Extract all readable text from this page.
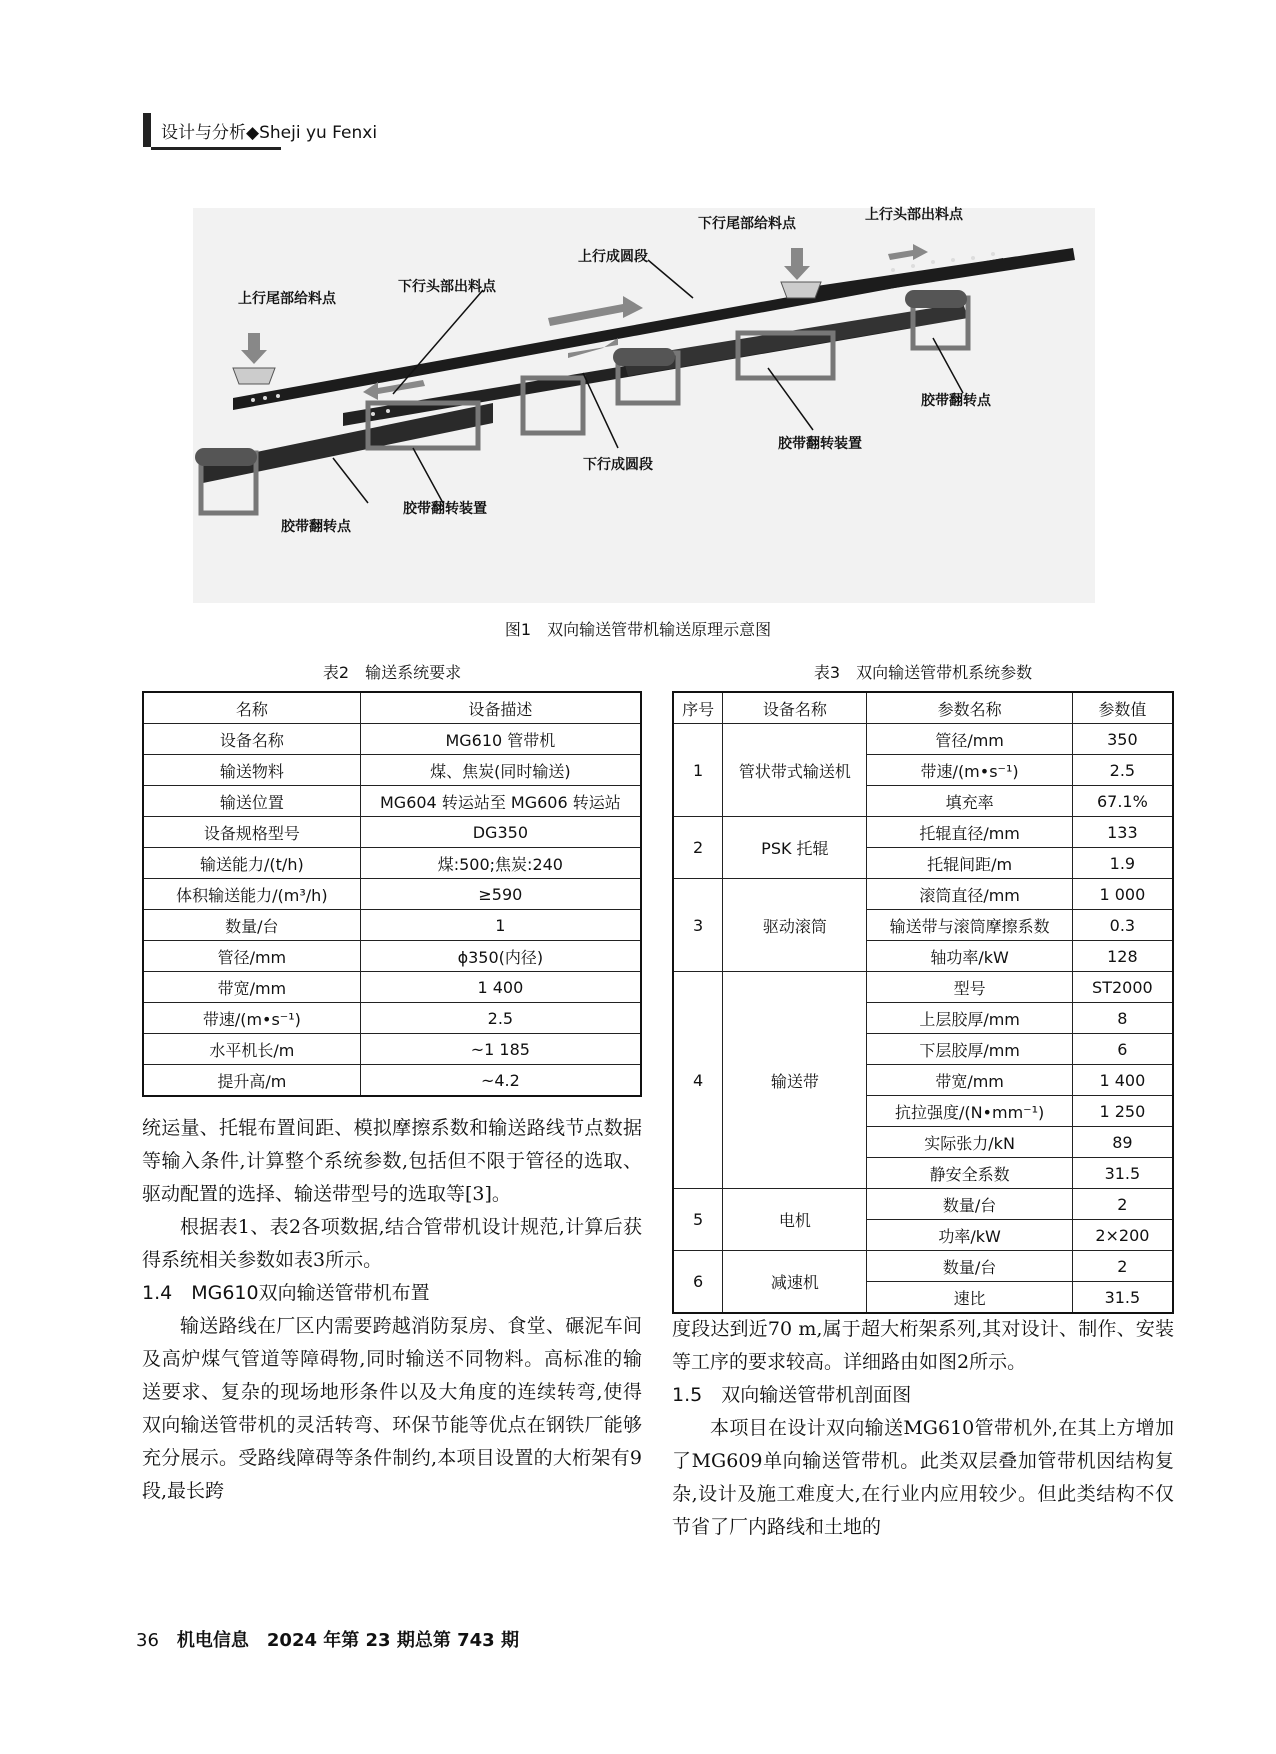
设计与分析◆Sheji yu Fenxi
上行尾部给料点
下行头部出料点
上行成圆段
下行尾部给料点
上行头部出料点
胶带翻转点
胶带翻转装置
下行成圆段
胶带翻转装置
胶带翻转点
图1　双向输送管带机输送原理示意图
表2　输送系统要求
名称	设备描述
设备名称	MG610 管带机
输送物料	煤、焦炭(同时输送)
输送位置	MG604 转运站至 MG606 转运站
设备规格型号	DG350
输送能力/(t/h)	煤:500;焦炭:240
体积输送能力/(m³/h)	≥590
数量/台	1
管径/mm	ϕ350(内径)
带宽/mm	1 400
带速/(m•s⁻¹)	2.5
水平机长/m	~1 185
提升高/m	~4.2
表3　双向输送管带机系统参数
序号	设备名称	参数名称	参数值
1	管状带式输送机	管径/mm	350
		带速/(m•s⁻¹)	2.5
		填充率	67.1%
2	PSK 托辊	托辊直径/mm	133
		托辊间距/m	1.9
3	驱动滚筒	滚筒直径/mm	1 000
		输送带与滚筒摩擦系数	0.3
		轴功率/kW	128
4	输送带	型号	ST2000
		上层胶厚/mm	8
		下层胶厚/mm	6
		带宽/mm	1 400
		抗拉强度/(N•mm⁻¹)	1 250
		实际张力/kN	89
		静安全系数	31.5
5	电机	数量/台	2
		功率/kW	2×200
6	减速机	数量/台	2
		速比	31.5

统运量、托辊布置间距、模拟摩擦系数和输送路线节点数据等输入条件,计算整个系统参数,包括但不限于管径的选取、驱动配置的选择、输送带型号的选取等[3]。

根据表1、表2各项数据,结合管带机设计规范,计算后获得系统相关参数如表3所示。

1.4　MG610双向输送管带机布置

输送路线在厂区内需要跨越消防泵房、食堂、碾泥车间及高炉煤气管道等障碍物,同时输送不同物料。高标准的输送要求、复杂的现场地形条件以及大角度的连续转弯,使得双向输送管带机的灵活转弯、环保节能等优点在钢铁厂能够充分展示。受路线障碍等条件制约,本项目设置的大桁架有9段,最长跨

度段达到近70 m,属于超大桁架系列,其对设计、制作、安装等工序的要求较高。详细路由如图2所示。

1.5　双向输送管带机剖面图

本项目在设计双向输送MG610管带机外,在其上方增加了MG609单向输送管带机。此类双层叠加管带机因结构复杂,设计及施工难度大,在行业内应用较少。但此类结构不仅节省了厂内路线和土地的

36 机电信息　2024 年第 23 期总第 743 期
